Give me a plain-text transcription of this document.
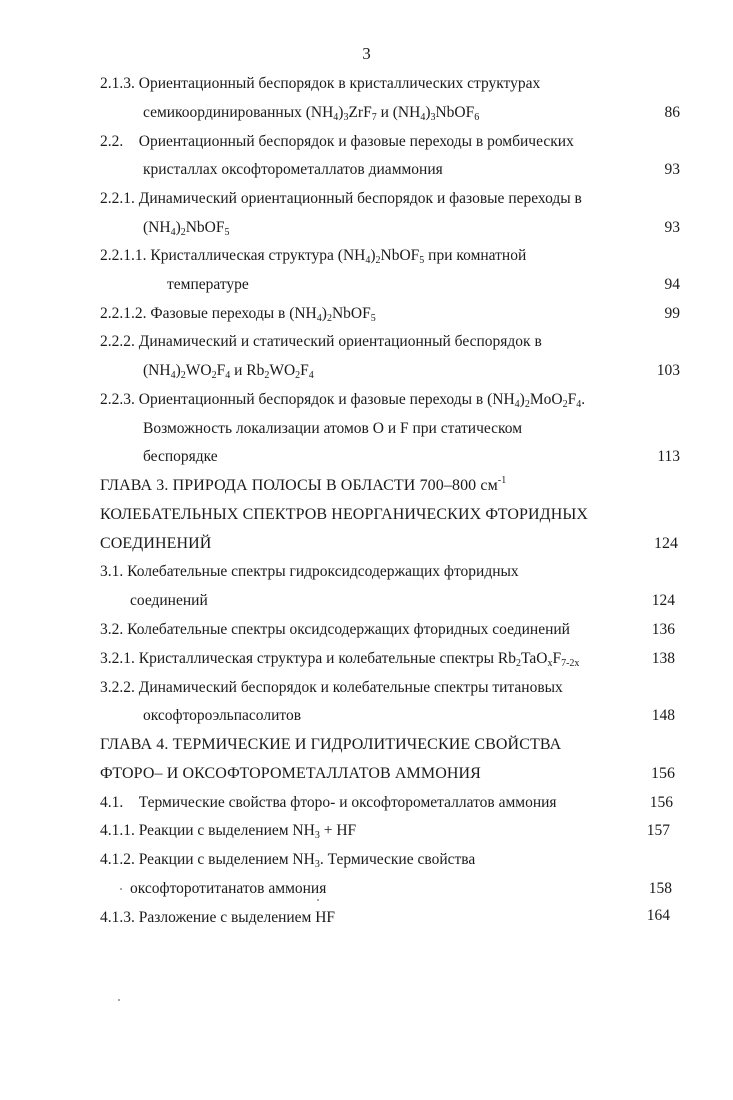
3
2.1.3. Ориентационный беспорядок в кристаллических структурах
семикоординированных $(NH_4)_3ZrF_7$ и $(NH_4)_3NbOF_6$	86
2.2.    Ориентационный беспорядок и фазовые переходы в ромбических
кристаллах оксофторометаллатов диаммония	93
2.2.1. Динамический ориентационный беспорядок и фазовые переходы в
$(NH_4)_2NbOF_5$	93
2.2.1.1. Кристаллическая структура $(NH_4)_2NbOF_5$ при комнатной
температуре	94
2.2.1.2. Фазовые переходы в $(NH_4)_2NbOF_5$	99
2.2.2. Динамический и статический ориентационный беспорядок в
$(NH_4)_2WO_2F_4$ и $Rb_2WO_2F_4$	103
2.2.3. Ориентационный беспорядок и фазовые переходы в $(NH_4)_2MoO_2F_4$.
Возможность локализации атомов O и F при статическом
беспорядке	113
ГЛАВА 3. ПРИРОДА ПОЛОСЫ В ОБЛАСТИ 700–800 $см^{-1}$
КОЛЕБАТЕЛЬНЫХ СПЕКТРОВ НЕОРГАНИЧЕСКИХ ФТОРИДНЫХ
СОЕДИНЕНИЙ	124
3.1. Колебательные спектры гидроксидсодержащих фторидных
соединений	124
3.2. Колебательные спектры оксидсодержащих фторидных соединений	136
3.2.1. Кристаллическая структура и колебательные спектры $Rb_2TaO_xF_{7-2x}$	138
3.2.2. Динамический беспорядок и колебательные спектры титановых
оксофтороэльпасолитов	148
ГЛАВА 4. ТЕРМИЧЕСКИЕ И ГИДРОЛИТИЧЕСКИЕ СВОЙСТВА
ФТОРО– И ОКСОФТОРОМЕТАЛЛАТОВ АММОНИЯ	156
4.1.    Термические свойства фторо- и оксофторометаллатов аммония	156
4.1.1. Реакции с выделением $NH_3$ + HF	157
4.1.2. Реакции с выделением $NH_3$. Термические свойства
оксофторотитанатов аммония	158
4.1.3. Разложение с выделением HF	164
